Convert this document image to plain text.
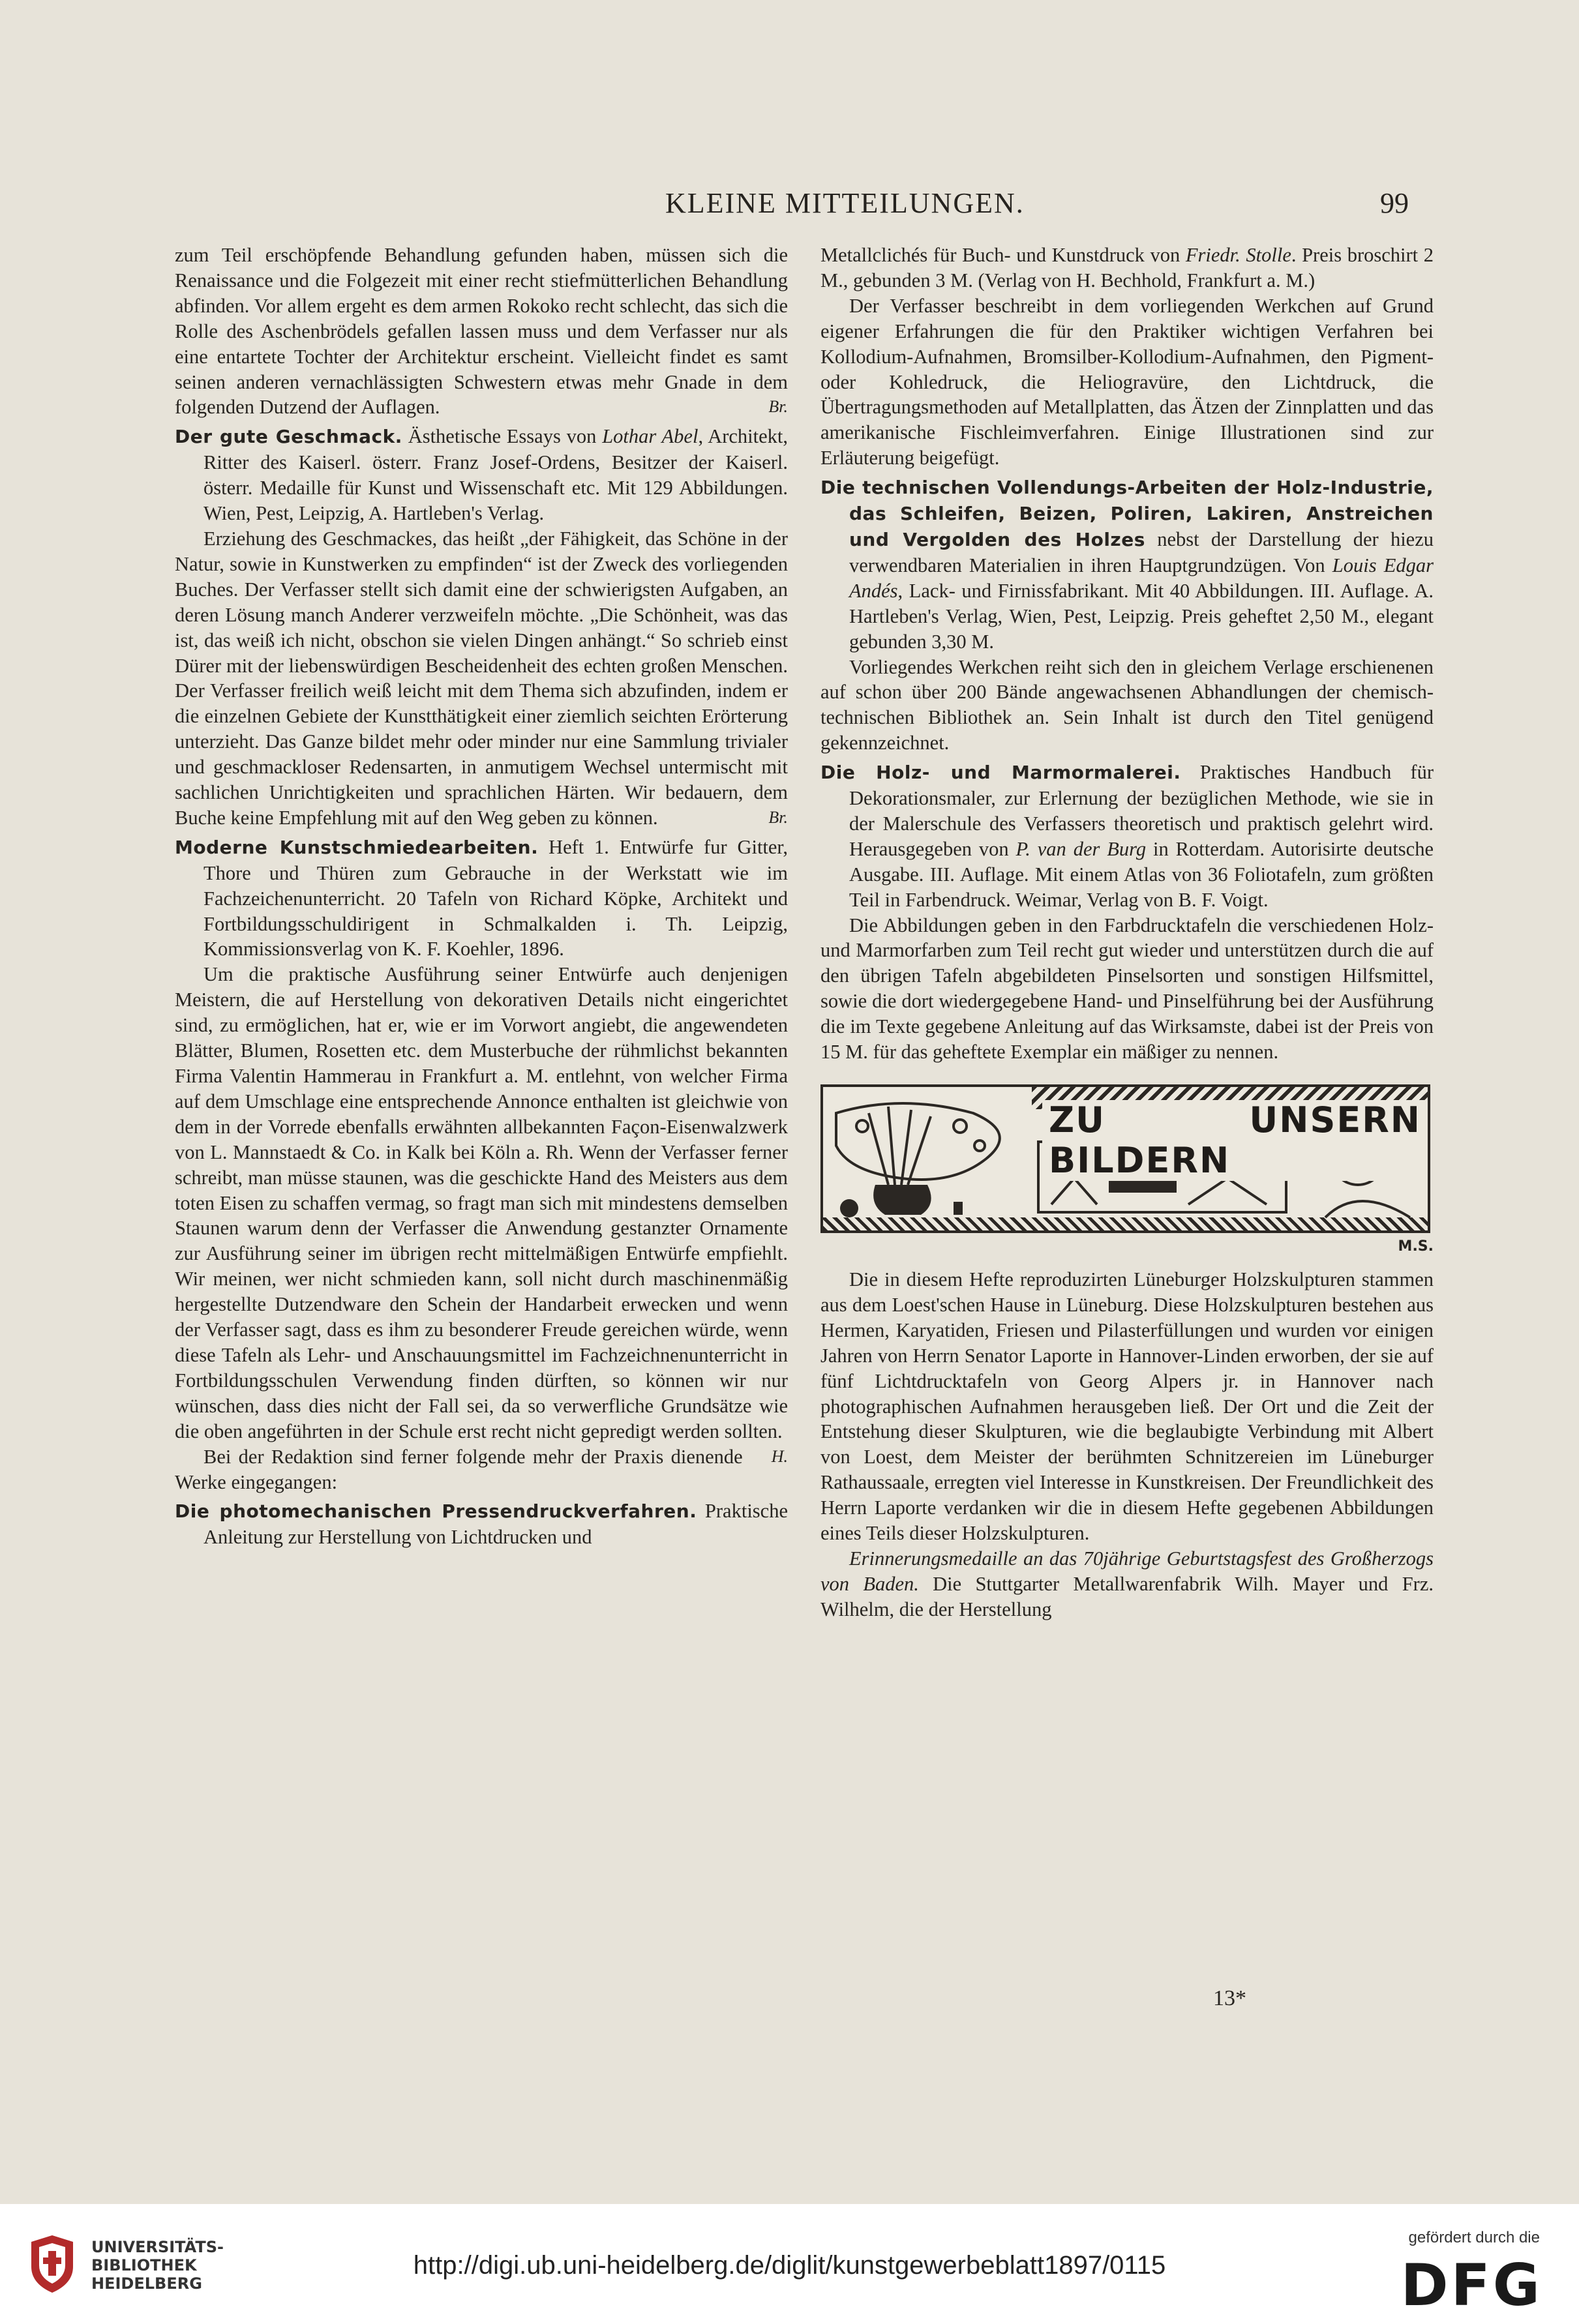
KLEINE MITTEILUNGEN.	99

zum Teil erschöpfende Behandlung gefunden haben, müssen sich die Renaissance und die Folgezeit mit einer recht stiefmütterlichen Behandlung abfinden. Vor allem ergeht es dem armen Rokoko recht schlecht, das sich die Rolle des Aschenbrödels gefallen lassen muss und dem Verfasser nur als eine entartete Tochter der Architektur erscheint. Vielleicht findet es samt seinen anderen vernachlässigten Schwestern etwas mehr Gnade in dem folgenden Dutzend der Auflagen.	Br.

Der gute Geschmack. Ästhetische Essays von Lothar Abel, Architekt, Ritter des Kaiserl. österr. Franz Josef-Ordens, Besitzer der Kaiserl. österr. Medaille für Kunst und Wissenschaft etc. Mit 129 Abbildungen. Wien, Pest, Leipzig, A. Hartleben's Verlag.

Erziehung des Geschmackes, das heißt „der Fähigkeit, das Schöne in der Natur, sowie in Kunstwerken zu empfinden“ ist der Zweck des vorliegenden Buches. Der Verfasser stellt sich damit eine der schwierigsten Aufgaben, an deren Lösung manch Anderer verzweifeln möchte. „Die Schönheit, was das ist, das weiß ich nicht, obschon sie vielen Dingen anhängt.“ So schrieb einst Dürer mit der liebenswürdigen Bescheidenheit des echten großen Menschen. Der Verfasser freilich weiß leicht mit dem Thema sich abzufinden, indem er die einzelnen Gebiete der Kunstthätigkeit einer ziemlich seichten Erörterung unterzieht. Das Ganze bildet mehr oder minder nur eine Sammlung trivialer und geschmackloser Redensarten, in anmutigem Wechsel untermischt mit sachlichen Unrichtigkeiten und sprachlichen Härten. Wir bedauern, dem Buche keine Empfehlung mit auf den Weg geben zu können.	Br.

Moderne Kunstschmiedearbeiten. Heft 1. Entwürfe fur Gitter, Thore und Thüren zum Gebrauche in der Werkstatt wie im Fachzeichenunterricht. 20 Tafeln von Richard Köpke, Architekt und Fortbildungsschuldirigent in Schmalkalden i. Th. Leipzig, Kommissionsverlag von K. F. Koehler, 1896.

Um die praktische Ausführung seiner Entwürfe auch denjenigen Meistern, die auf Herstellung von dekorativen Details nicht eingerichtet sind, zu ermöglichen, hat er, wie er im Vorwort angiebt, die angewendeten Blätter, Blumen, Rosetten etc. dem Musterbuche der rühmlichst bekannten Firma Valentin Hammerau in Frankfurt a. M. entlehnt, von welcher Firma auf dem Umschlage eine entsprechende Annonce enthalten ist gleichwie von dem in der Vorrede ebenfalls erwähnten allbekannten Façon-Eisenwalzwerk von L. Mannstaedt & Co. in Kalk bei Köln a. Rh. Wenn der Verfasser ferner schreibt, man müsse staunen, was die geschickte Hand des Meisters aus dem toten Eisen zu schaffen vermag, so fragt man sich mit mindestens demselben Staunen warum denn der Verfasser die Anwendung gestanzter Ornamente zur Ausführung seiner im übrigen recht mittelmäßigen Entwürfe empfiehlt. Wir meinen, wer nicht schmieden kann, soll nicht durch maschinenmäßig hergestellte Dutzendware den Schein der Handarbeit erwecken und wenn der Verfasser sagt, dass es ihm zu besonderer Freude gereichen würde, wenn diese Tafeln als Lehr- und Anschauungsmittel im Fachzeichnenunterricht in Fortbildungsschulen Verwendung finden dürften, so können wir nur wünschen, dass dies nicht der Fall sei, da so verwerfliche Grundsätze wie die oben angeführten in der Schule erst recht nicht gepredigt werden sollten.
H.

Bei der Redaktion sind ferner folgende mehr der Praxis dienende Werke eingegangen:

Die photomechanischen Pressendruckverfahren. Praktische Anleitung zur Herstellung von Lichtdrucken und

Metallclichés für Buch- und Kunstdruck von Friedr. Stolle. Preis broschirt 2 M., gebunden 3 M. (Verlag von H. Bechhold, Frankfurt a. M.)

Der Verfasser beschreibt in dem vorliegenden Werkchen auf Grund eigener Erfahrungen die für den Praktiker wichtigen Verfahren bei Kollodium-Aufnahmen, Bromsilber-Kollodium-Aufnahmen, den Pigment- oder Kohledruck, die Heliogravüre, den Lichtdruck, die Übertragungsmethoden auf Metallplatten, das Ätzen der Zinnplatten und das amerikanische Fischleimverfahren. Einige Illustrationen sind zur Erläuterung beigefügt.

Die technischen Vollendungs-Arbeiten der Holz-Industrie, das Schleifen, Beizen, Poliren, Lakiren, Anstreichen und Vergolden des Holzes nebst der Darstellung der hiezu verwendbaren Materialien in ihren Hauptgrundzügen. Von Louis Edgar Andés, Lack- und Firnissfabrikant. Mit 40 Abbildungen. III. Auflage. A. Hartleben's Verlag, Wien, Pest, Leipzig. Preis geheftet 2,50 M., elegant gebunden 3,30 M.

Vorliegendes Werkchen reiht sich den in gleichem Verlage erschienenen auf schon über 200 Bände angewachsenen Abhandlungen der chemisch-technischen Bibliothek an. Sein Inhalt ist durch den Titel genügend gekennzeichnet.

Die Holz- und Marmormalerei. Praktisches Handbuch für Dekorationsmaler, zur Erlernung der bezüglichen Methode, wie sie in der Malerschule des Verfassers theoretisch und praktisch gelehrt wird. Herausgegeben von P. van der Burg in Rotterdam. Autorisirte deutsche Ausgabe. III. Auflage. Mit einem Atlas von 36 Foliotafeln, zum größten Teil in Farbendruck. Weimar, Verlag von B. F. Voigt.

Die Abbildungen geben in den Farbdrucktafeln die verschiedenen Holz- und Marmorfarben zum Teil recht gut wieder und unterstützen durch die auf den übrigen Tafeln abgebildeten Pinselsorten und sonstigen Hilfsmittel, sowie die dort wiedergegebene Hand- und Pinselführung bei der Ausführung die im Texte gegebene Anleitung auf das Wirksamste, dabei ist der Preis von 15 M. für das geheftete Exemplar ein mäßiger zu nennen.

ZU UNSERN BILDERN
M.S.

Die in diesem Hefte reproduzirten Lüneburger Holzskulpturen stammen aus dem Loest'schen Hause in Lüneburg. Diese Holzskulpturen bestehen aus Hermen, Karyatiden, Friesen und Pilasterfüllungen und wurden vor einigen Jahren von Herrn Senator Laporte in Hannover-Linden erworben, der sie auf fünf Lichtdrucktafeln von Georg Alpers jr. in Hannover nach photographischen Aufnahmen herausgeben ließ. Der Ort und die Zeit der Entstehung dieser Skulpturen, wie die beglaubigte Verbindung mit Albert von Loest, dem Meister der berühmten Schnitzereien im Lüneburger Rathaussaale, erregten viel Interesse in Kunstkreisen. Der Freundlichkeit des Herrn Laporte verdanken wir die in diesem Hefte gegebenen Abbildungen eines Teils dieser Holzskulpturen.

Erinnerungsmedaille an das 70jährige Geburtstagsfest des Großherzogs von Baden. Die Stuttgarter Metallwarenfabrik Wilh. Mayer und Frz. Wilhelm, die der Herstellung

13*
UNIVERSITÄTS-
BIBLIOTHEK
HEIDELBERG
http://digi.ub.uni-heidelberg.de/diglit/kunstgewerbeblatt1897/0115
gefördert durch die
DFG
